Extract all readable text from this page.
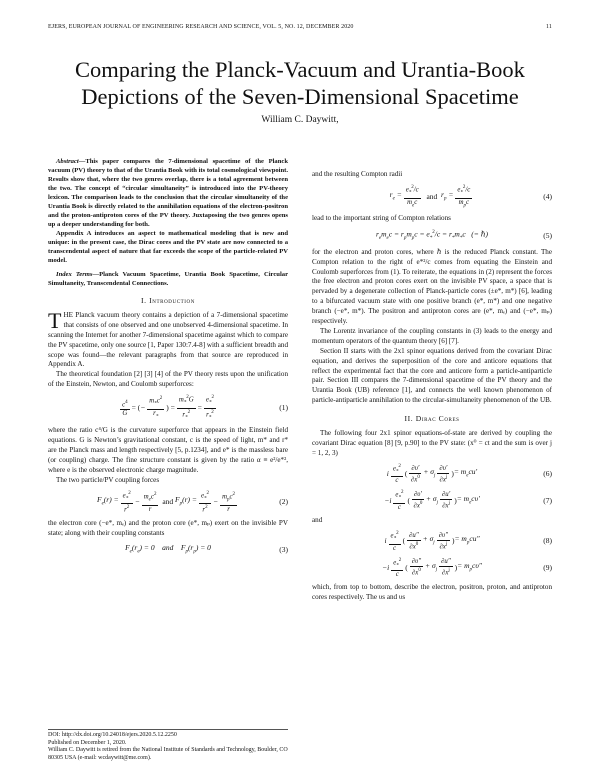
EJERS, EUROPEAN JOURNAL OF ENGINEERING RESEARCH AND SCIENCE, VOL. 5, NO. 12, DECEMBER 2020	11
Comparing the Planck-Vacuum and Urantia-Book Depictions of the Seven-Dimensional Spacetime
William C. Daywitt,

Abstract—This paper compares the 7-dimensional spacetime of the Planck vacuum (PV) theory to that of the Urantia Book with its total cosmological viewpoint. Results show that, where the two genres overlap, there is a total agreement between the two. The concept of “circular simultaneity” is introduced into the PV-theory lexicon. The comparison leads to the conclusion that the circular simultaneity of the Urantia Book is directly related to the annihilation equations of the electron-positron and the proton-antiproton cores of the PV theory. Juxtaposing the two genres opens up a deeper understanding for both.

Appendix A introduces an aspect to mathematical modeling that is new and unique: in the present case, the Dirac cores and the PV state are now connected to a transcendental aspect of nature that far exceeds the scope of the particle-related PV model.

Index Terms—Planck Vacuum Spacetime, Urantia Book Spacetime, Circular Simultaneity, Transcendental Connections.

I. Introduction

THE Planck vacuum theory contains a depiction of a 7-dimensional spacetime that consists of one observed and one unobserved 4-dimensional spacetime. In scanning the Internet for another 7-dimensional spacetime against which to compare the PV spacetime, only one source [1, Paper 130:7.4-8] with a sufficient breadth and scope was found—the relevant paragraphs from that source are reproduced in Appendix A.

The theoretical foundation [2] [3] [4] of the PV theory rests upon the unification of the Einstein, Newton, and Coulomb superforces:

$\frac{c^4}{G}$ = ( − $\frac{m_*c^2}{r_*}$ ) = $\frac{m_*^2G}{r_*^2} = \frac{e_*^2}{r_*^2}$	(1)

where the ratio c⁴/G is the curvature superforce that appears in the Einstein field equations. G is Newton’s gravitational constant, c is the speed of light, m* and r* are the Planck mass and length respectively [5, p.1234], and e* is the massless bare (or coupling) charge. The fine structure constant is given by the ratio α ≡ e²/e*², where e is the observed electronic charge magnitude.

The two particle/PV coupling forces

$F_e(r) = \frac{e_*^2}{r^2} - \frac{m_ec^2}{r}$ and $F_p(r) = \frac{e_*^2}{r^2} - \frac{m_pc^2}{r}$	(2)

the electron core (−e*, mₑ) and the proton core (e*, mₚ) exert on the invisible PV state; along with their coupling constants

$F_e(r_e) = 0$    and    $F_p(r_p) = 0$	(3)
DOI: http://dx.doi.org/10.24018/ejers.2020.5.12.2250
Published on December 1, 2020.
William C. Daywitt is retired from the National Institute of Standards and Technology, Boulder, CO 80305 USA (e-mail: wcdaywitt@me.com).

and the resulting Compton radii

$r_e = \frac{e_*^2/c}{m_ec}$ and $r_p = \frac{e_*^2/c}{m_pc}$	(4)

lead to the important string of Compton relations

$r_em_ec = r_pm_pc = e_*^2/c = r_*m_*c$   (= ℏ)	(5)

for the electron and proton cores, where ℏ is the reduced Planck constant. The Compton relation to the right of e*²/c comes from equating the Einstein and Coulomb superforces from (1). To reiterate, the equations in (2) represent the forces the free electron and proton cores exert on the invisible PV space, a space that is pervaded by a degenerate collection of Planck-particle cores (±e*, m*) [6], leading to a bifurcated vacuum state with one positive branch (e*, m*) and one negative branch (−e*, m*). The positron and antiproton cores are (e*, mₑ) and (−e*, mₚ) respectively.

The Lorentz invariance of the coupling constants in (3) leads to the energy and momentum operators of the quantum theory [6] [7].

Section II starts with the 2x1 spinor equations derived from the covariant Dirac equation, and derives the superposition of the core and anticore equations that reflect the experimental fact that the core and anticore form a particle-antiparticle pair. Section III compares the 7-dimensional spacetime of the PV theory and the Urantia Book (UB) reference [1], and connects the well known phenomenon of particle-antiparticle annihilation to the circular-simultaneity phenomenon of the UB.

II. Dirac Cores

The following four 2x1 spinor equations-of-state are derived by coupling the covariant Dirac equation [8] [9, p.90] to the PV state: (x⁰ = ct and the sum is over j = 1, 2, 3)

i $\frac{e_*^2}{c}$ ( $\frac{\partial\upsilon'}{\partial x^0} + \sigma_j \frac{\partial\upsilon'}{\partial x^j}$ ) = $m_ecu'$	(6)
$-i \frac{e_*^2}{c}$ ( $\frac{\partial\upsilon'}{\partial x^0} + \sigma_j \frac{\partial u'}{\partial x^j}$ ) = $m_ec\upsilon'$	(7)

and

i $\frac{e_*^2}{c}$ ( $\frac{\partial u''}{\partial x^0} + \sigma_j \frac{\partial\upsilon''}{\partial x^j}$ ) = $m_pcu''$	(8)
$-i \frac{e_*^2}{c}$ ( $\frac{\partial\upsilon''}{\partial x^0} + \sigma_j \frac{\partial u''}{\partial x^j}$ ) = $m_pc\upsilon''$	(9)

which, from top to bottom, describe the electron, positron, proton, and antiproton cores respectively. The υs and υs
